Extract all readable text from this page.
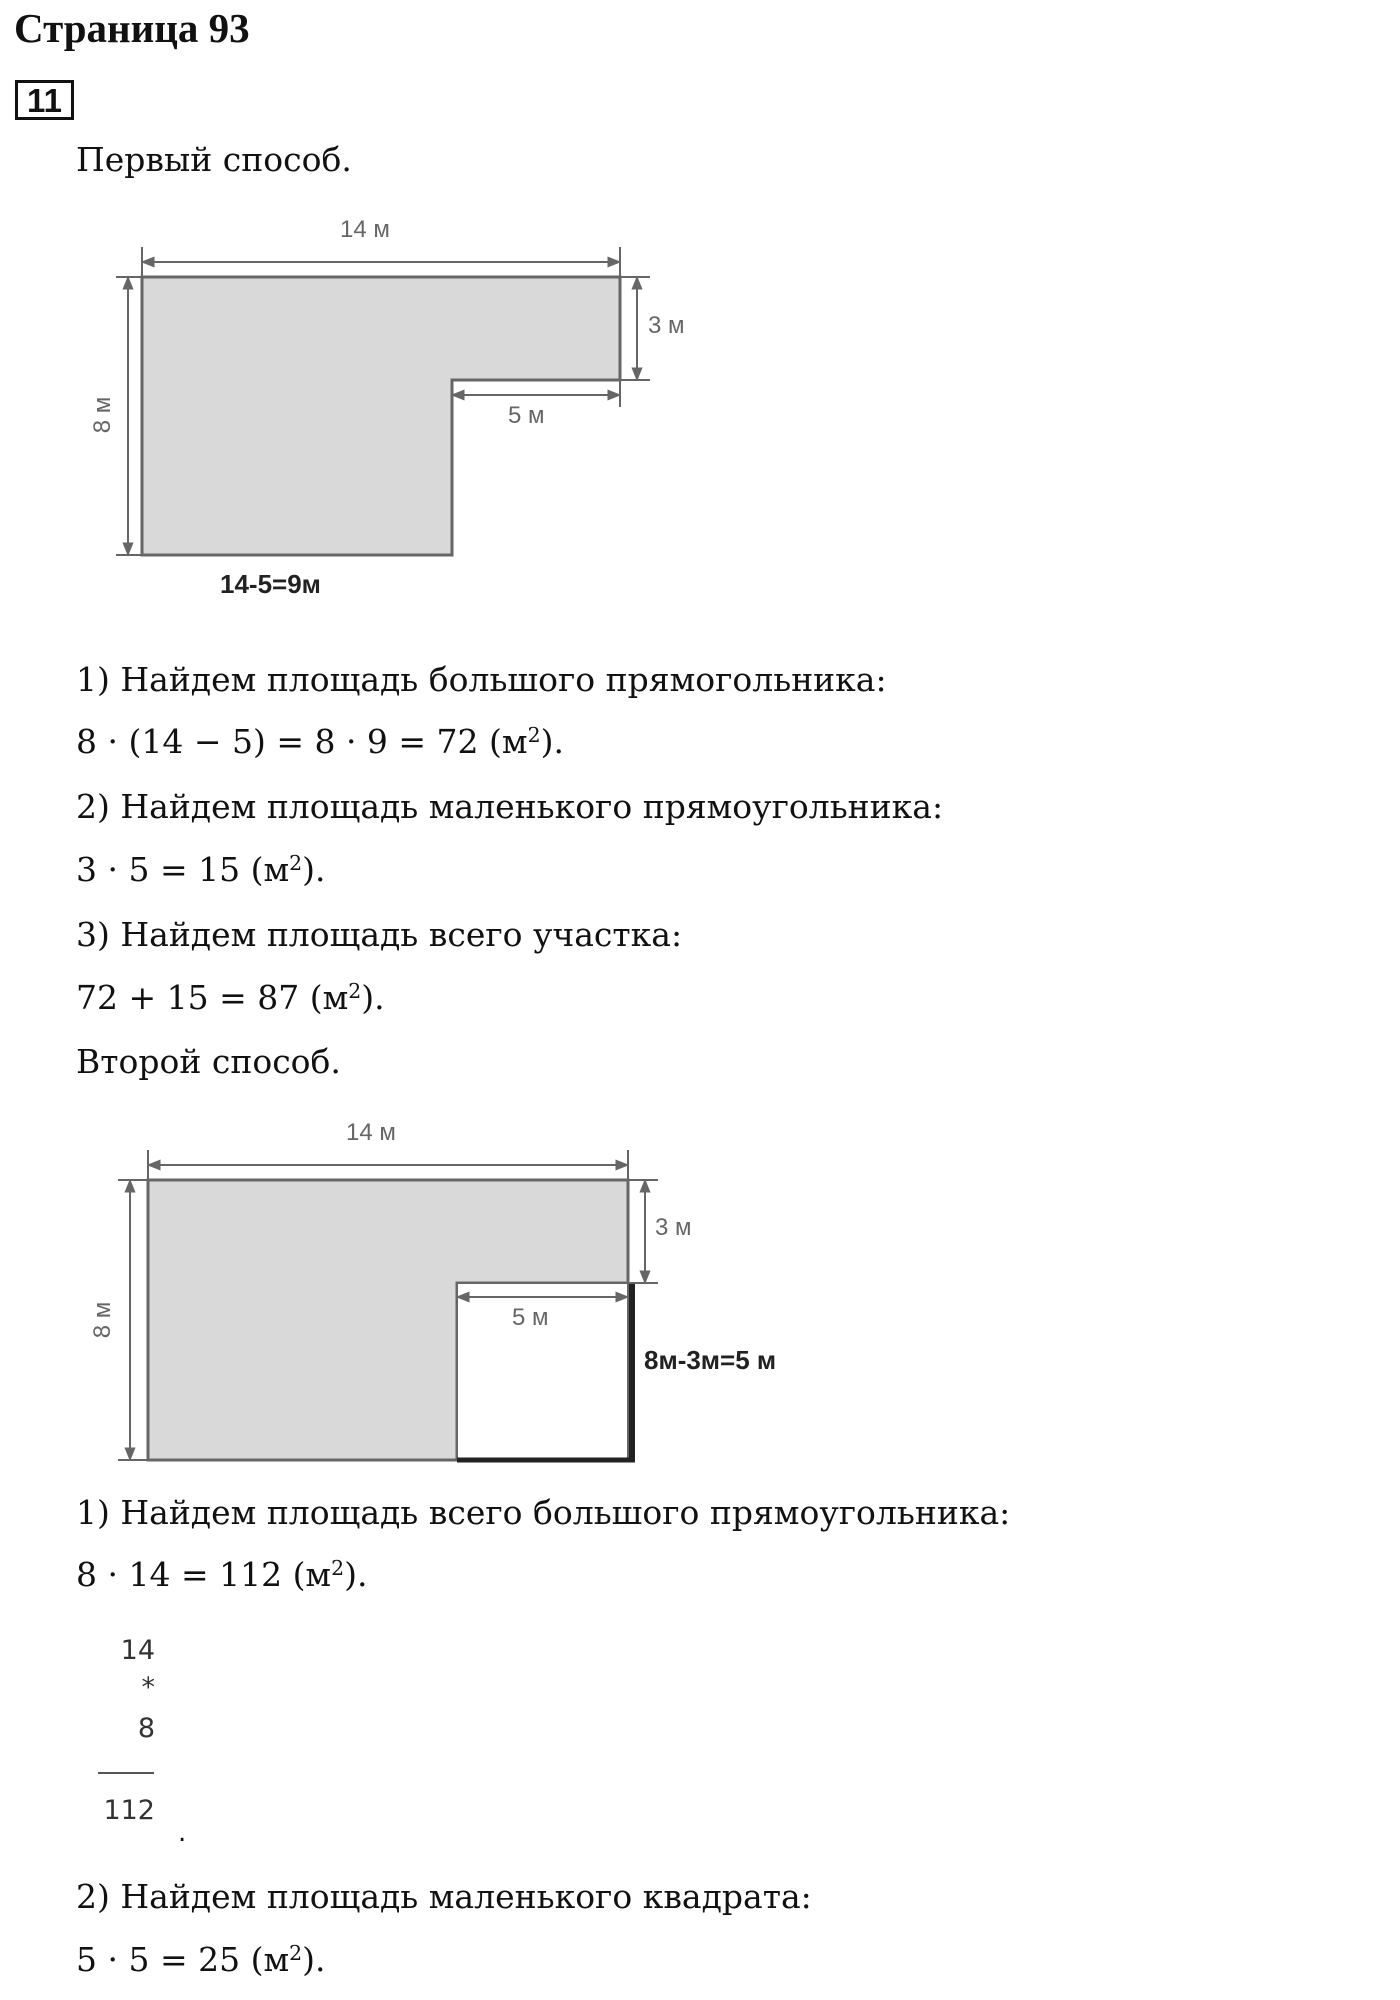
Страница 93
11
Первый способ.
14 м
3 м
5 м
8 м
14-5=9м
1) Найдем площадь большого прямогольника:
8 · (14 − 5) = 8 · 9 = 72 $(м^2)$.
2) Найдем площадь маленького прямоугольника:
3 · 5 = 15 $(м^2)$.
3) Найдем площадь всего участка:
72 + 15 = 87 $(м^2)$.
Второй способ.
14 м
3 м
5 м
8 м
8м-3м=5 м
1) Найдем площадь всего большого прямоугольника:
8 · 14 = 112 $(м^2)$.
14
*
8
112
.
2) Найдем площадь маленького квадрата:
5 · 5 = 25 $(м^2)$.
